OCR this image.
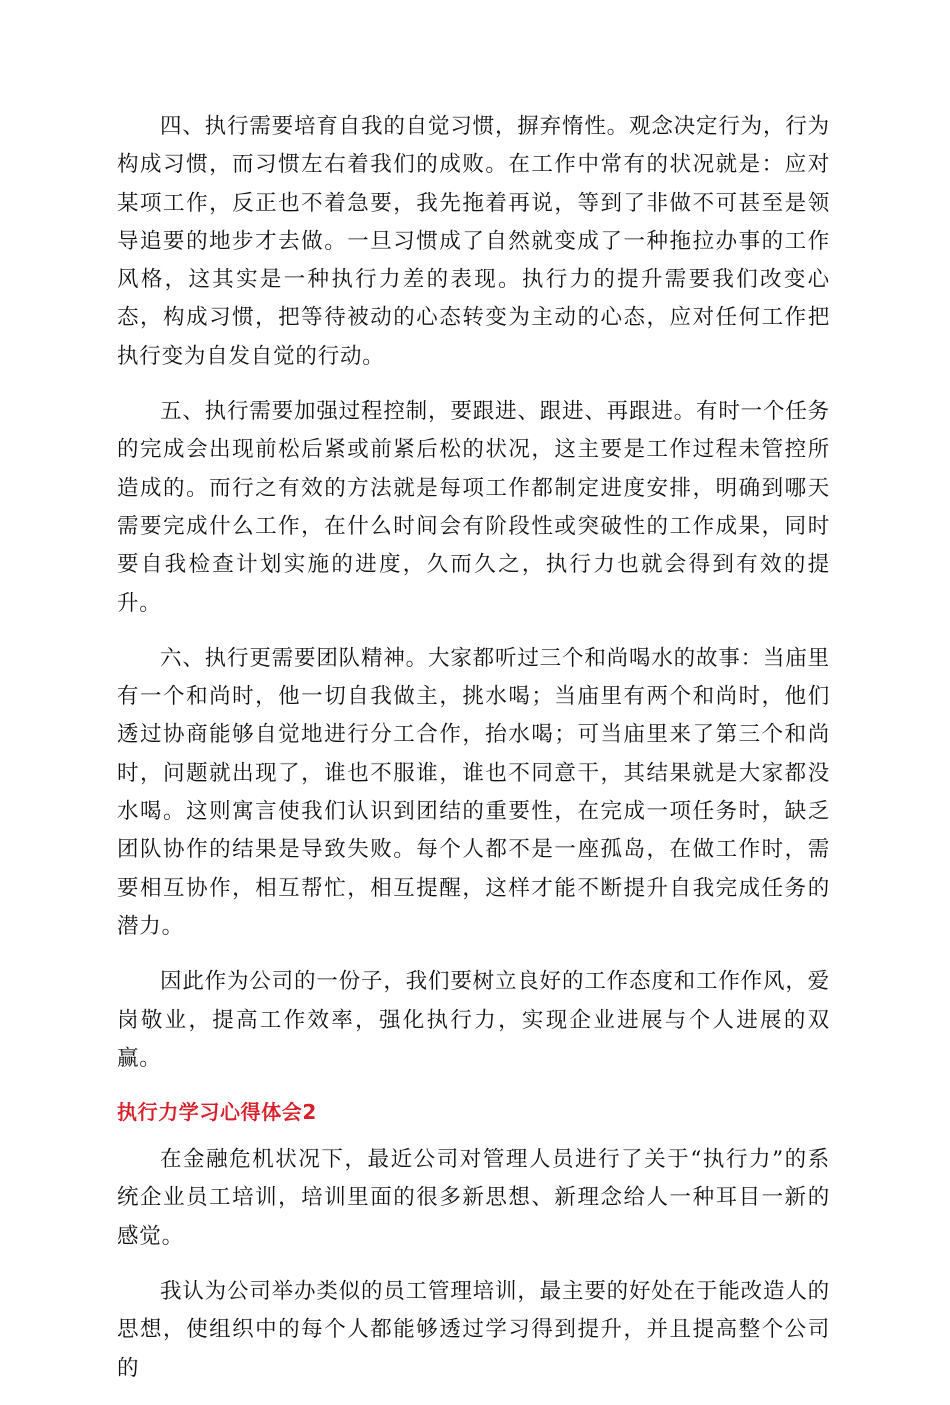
四、执行需要培育自我的自觉习惯，摒弃惰性。观念决定行为，行为构成习惯，而习惯左右着我们的成败。在工作中常有的状况就是：应对某项工作，反正也不着急要，我先拖着再说，等到了非做不可甚至是领导追要的地步才去做。一旦习惯成了自然就变成了一种拖拉办事的工作风格，这其实是一种执行力差的表现。执行力的提升需要我们改变心态，构成习惯，把等待被动的心态转变为主动的心态，应对任何工作把执行变为自发自觉的行动。

五、执行需要加强过程控制，要跟进、跟进、再跟进。有时一个任务的完成会出现前松后紧或前紧后松的状况，这主要是工作过程未管控所造成的。而行之有效的方法就是每项工作都制定进度安排，明确到哪天需要完成什么工作，在什么时间会有阶段性或突破性的工作成果，同时要自我检查计划实施的进度，久而久之，执行力也就会得到有效的提升。

六、执行更需要团队精神。大家都听过三个和尚喝水的故事：当庙里有一个和尚时，他一切自我做主，挑水喝；当庙里有两个和尚时，他们透过协商能够自觉地进行分工合作，抬水喝；可当庙里来了第三个和尚时，问题就出现了，谁也不服谁，谁也不同意干，其结果就是大家都没水喝。这则寓言使我们认识到团结的重要性，在完成一项任务时，缺乏团队协作的结果是导致失败。每个人都不是一座孤岛，在做工作时，需要相互协作，相互帮忙，相互提醒，这样才能不断提升自我完成任务的潜力。

因此作为公司的一份子，我们要树立良好的工作态度和工作作风，爱岗敬业，提高工作效率，强化执行力，实现企业进展与个人进展的双赢。

执行力学习心得体会2

在金融危机状况下，最近公司对管理人员进行了关于“执行力”的系统企业员工培训，培训里面的很多新思想、新理念给人一种耳目一新的感觉。

我认为公司举办类似的员工管理培训，最主要的好处在于能改造人的思想，使组织中的每个人都能够透过学习得到提升，并且提高整个公司的
